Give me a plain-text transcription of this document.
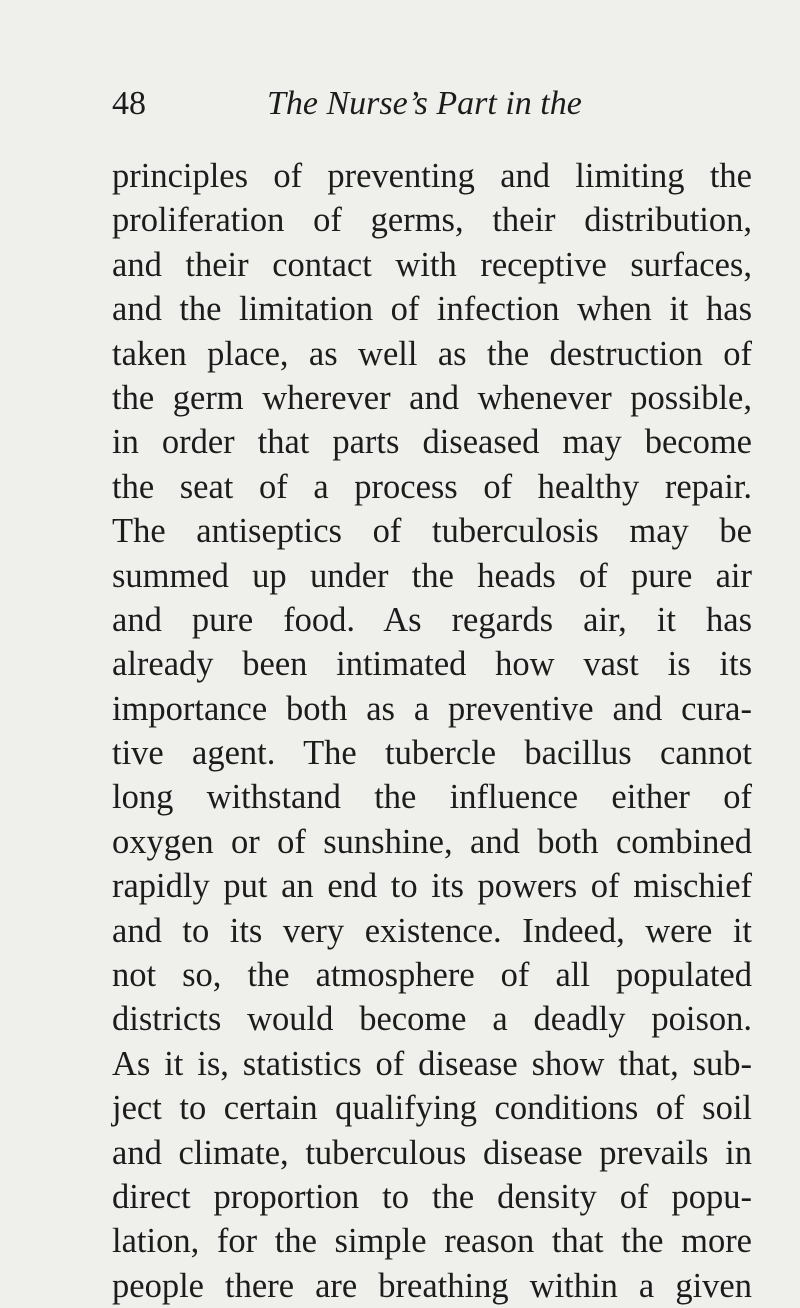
48	The Nurse’s Part in the
principles of preventing and limiting the
proliferation of germs, their distribution,
and their contact with receptive surfaces,
and the limitation of infection when it has
taken place, as well as the destruction of
the germ wherever and whenever possible,
in order that parts diseased may become
the seat of a process of healthy repair.
The antiseptics of tuberculosis may be
summed up under the heads of pure air
and pure food. As regards air, it has
already been intimated how vast is its
importance both as a preventive and cura-
tive agent. The tubercle bacillus cannot
long withstand the influence either of
oxygen or of sunshine, and both combined
rapidly put an end to its powers of mischief
and to its very existence. Indeed, were it
not so, the atmosphere of all populated
districts would become a deadly poison.
As it is, statistics of disease show that, sub-
ject to certain qualifying conditions of soil
and climate, tuberculous disease prevails in
direct proportion to the density of popu-
lation, for the simple reason that the more
people there are breathing within a given
